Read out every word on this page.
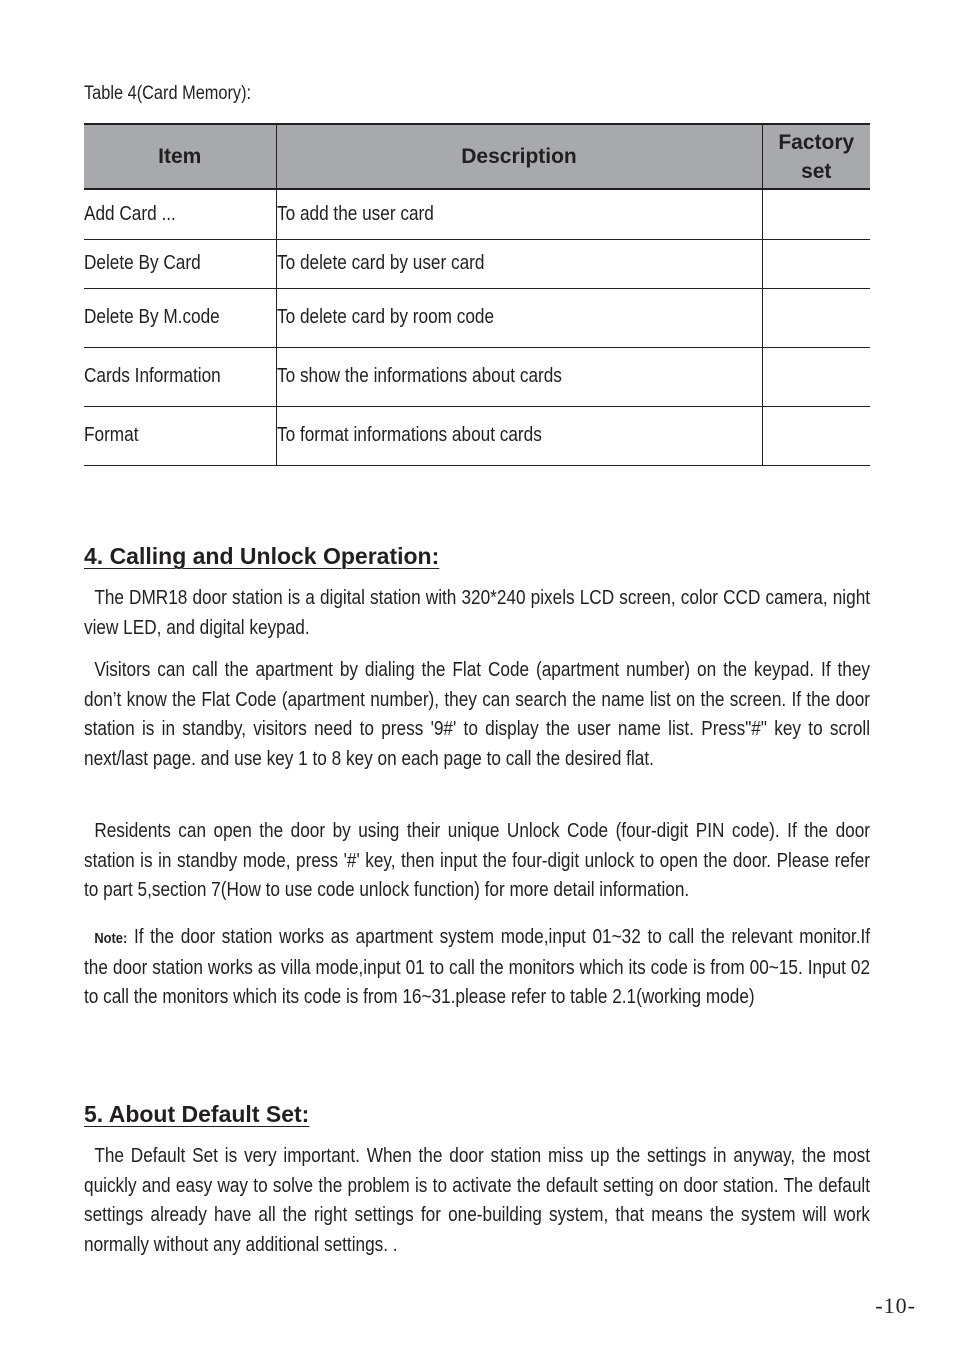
Table 4(Card Memory):
Item	Description	Factory set
Add Card ...	To add the user card	
Delete By Card	To delete card by user card	
Delete By M.code	To delete card by room code	
Cards Information	To show the informations about cards	
Format	To format informations about cards	
4. Calling and Unlock Operation:

The DMR18 door station is a digital station with 320*240 pixels LCD screen, color CCD camera, night view LED, and digital keypad.

Visitors can call the apartment by dialing the Flat Code (apartment number) on the keypad. If they don’t know the Flat Code (apartment number), they can search the name list on the screen. If the door station is in standby, visitors need to press '9#' to display the user name list. Press"#" key to scroll next/last page. and use key 1 to 8 key on each page to call the desired flat.

Residents can open the door by using their unique Unlock Code (four-digit PIN code). If the door station is in standby mode, press '#' key, then input the four-digit unlock to open the door. Please refer to part 5,section 7(How to use code unlock function) for more detail information.

Note: If the door station works as apartment system mode,input 01~32 to call the relevant monitor.If the door station works as villa mode,input 01 to call the monitors which its code is from 00~15. Input 02 to call the monitors which its code is from 16~31.please refer to table 2.1(working mode)

5. About Default Set:

The Default Set is very important. When the door station miss up the settings in anyway, the most quickly and easy way to solve the problem is to activate the default setting on door station. The default settings already have all the right settings for one-building system, that means the system will work normally without any additional settings. .

-10-
